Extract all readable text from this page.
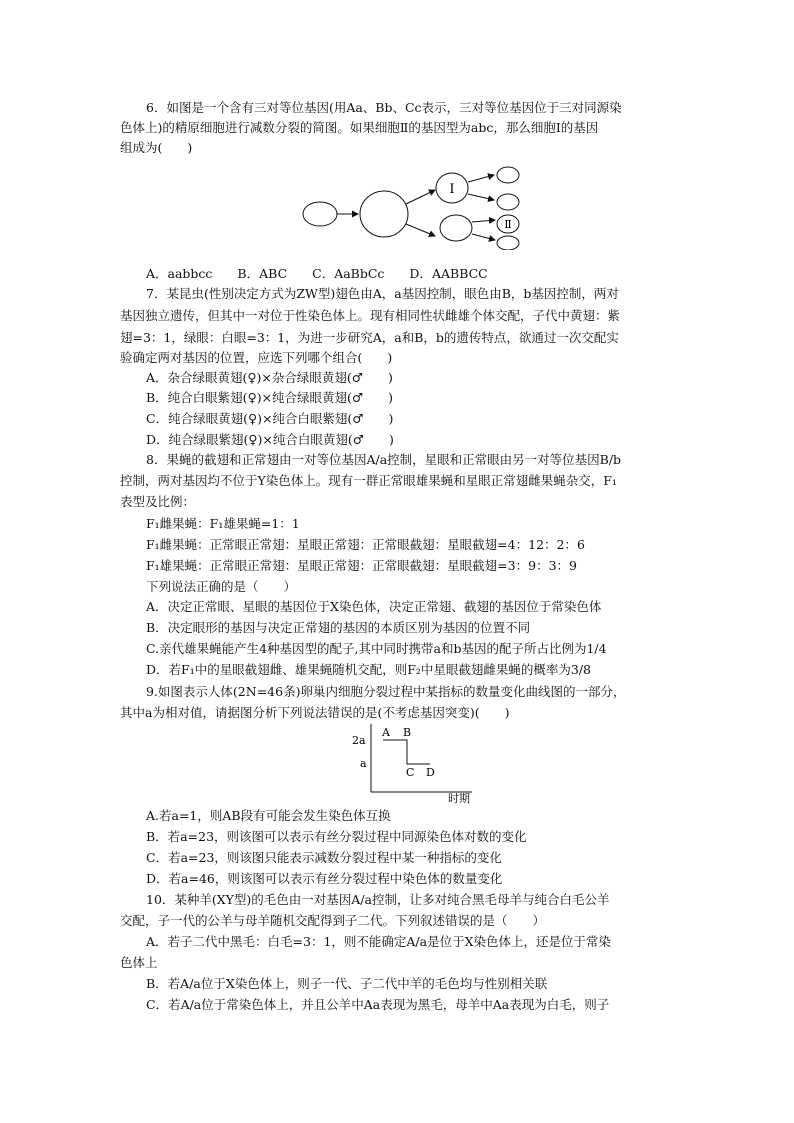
6．如图是一个含有三对等位基因(用Aa、Bb、Cc表示，三对等位基因位于三对同源染
色体上)的精原细胞进行减数分裂的简图。如果细胞Ⅱ的基因型为abc，那么细胞Ⅰ的基因
组成为(　　)
Ⅰ
Ⅱ
A．aabbcc　　B．ABC　　C．AaBbCc　　D．AABBCC
7．某昆虫(性别决定方式为ZW型)翅色由A，a基因控制，眼色由B，b基因控制，两对
基因独立遗传，但其中一对位于性染色体上。现有相同性状雌雄个体交配，子代中黄翅：紫
翅=3：1，绿眼：白眼=3：1，为进一步研究A，a和B，b的遗传特点，欲通过一次交配实
验确定两对基因的位置，应选下列哪个组合(　　)
A．杂合绿眼黄翅(♀)×杂合绿眼黄翅(♂　　)
B．纯合白眼紫翅(♀)×纯合绿眼黄翅(♂　　)
C．纯合绿眼黄翅(♀)×纯合白眼紫翅(♂　　)
D．纯合绿眼紫翅(♀)×纯合白眼黄翅(♂　　)
8．果蝇的截翅和正常翅由一对等位基因A/a控制，星眼和正常眼由另一对等位基因B/b
控制，两对基因均不位于Y染色体上。现有一群正常眼雄果蝇和星眼正常翅雌果蝇杂交，F₁
表型及比例：
F₁雌果蝇：F₁雄果蝇=1：1
F₁雌果蝇：正常眼正常翅：星眼正常翅：正常眼截翅：星眼截翅=4：12：2：6
F₁雄果蝇：正常眼正常翅：星眼正常翅：正常眼截翅：星眼截翅=3：9：3：9
下列说法正确的是（　　）
A．决定正常眼、星眼的基因位于X染色体，决定正常翅、截翅的基因位于常染色体
B．决定眼形的基因与决定正常翅的基因的本质区别为基因的位置不同
C.亲代雄果蝇能产生4种基因型的配子,其中同时携带a和b基因的配子所占比例为1/4
D．若F₁中的星眼截翅雌、雄果蝇随机交配，则F₂中星眼截翅雌果蝇的概率为3/8
9.如图表示人体(2N=46条)卵巢内细胞分裂过程中某指标的数量变化曲线图的一部分，
其中a为相对值，请据图分析下列说法错误的是(不考虑基因突变)(　　)
2a
a
A B
C D
时期
A.若a=1，则AB段有可能会发生染色体互换
B．若a=23，则该图可以表示有丝分裂过程中同源染色体对数的变化
C．若a=23，则该图只能表示减数分裂过程中某一种指标的变化
D．若a=46，则该图可以表示有丝分裂过程中染色体的数量变化
10．某种羊(XY型)的毛色由一对基因A/a控制，让多对纯合黑毛母羊与纯合白毛公羊
交配，子一代的公羊与母羊随机交配得到子二代。下列叙述错误的是（　　）
A．若子二代中黑毛：白毛=3：1，则不能确定A/a是位于X染色体上，还是位于常染
色体上
B．若A/a位于X染色体上，则子一代、子二代中羊的毛色均与性别相关联
C．若A/a位于常染色体上，并且公羊中Aa表现为黑毛，母羊中Aa表现为白毛，则子
